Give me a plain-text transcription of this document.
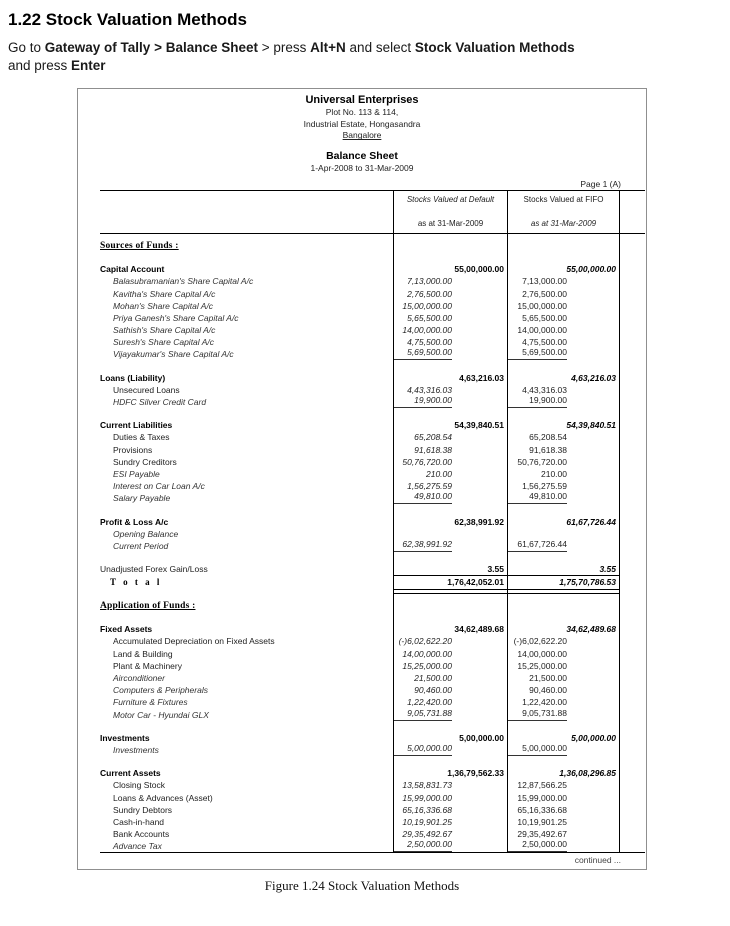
1.22 Stock Valuation Methods

Go to Gateway of Tally > Balance Sheet > press Alt+N and select Stock Valuation Methods
and press Enter

Universal Enterprises
Plot No. 113 & 114,
Industrial Estate, Hongasandra
Bangalore
Balance Sheet
1-Apr-2008 to 31-Mar-2009
Page 1 (A)
Stocks Valued at Default
as at 31-Mar-2009
Stocks Valued at FIFO
as at 31-Mar-2009
Sources of Funds :
Capital Account	55,00,000.00	55,00,000.00
Balasubramanian's Share Capital A/c	7,13,000.00	7,13,000.00
Kavitha's Share Capital A/c	2,76,500.00	2,76,500.00
Mohan's Share Capital A/c	15,00,000.00	15,00,000.00
Priya Ganesh's Share Capital A/c	5,65,500.00	5,65,500.00
Sathish's Share Capital A/c	14,00,000.00	14,00,000.00
Suresh's Share Capital A/c	4,75,500.00	4,75,500.00
Vijayakumar's Share Capital A/c	5,69,500.00	5,69,500.00
Loans (Liability)	4,63,216.03	4,63,216.03
Unsecured Loans	4,43,316.03	4,43,316.03
HDFC Silver Credit Card	19,900.00	19,900.00
Current Liabilities	54,39,840.51	54,39,840.51
Duties & Taxes	65,208.54	65,208.54
Provisions	91,618.38	91,618.38
Sundry Creditors	50,76,720.00	50,76,720.00
ESI Payable	210.00	210.00
Interest on Car Loan A/c	1,56,275.59	1,56,275.59
Salary Payable	49,810.00	49,810.00
Profit & Loss A/c	62,38,991.92	61,67,726.44
Opening Balance
Current Period	62,38,991.92	61,67,726.44
Unadjusted Forex Gain/Loss	3.55	3.55
T o t a l	1,76,42,052.01	1,75,70,786.53
Application of Funds :
Fixed Assets	34,62,489.68	34,62,489.68
Accumulated Depreciation on Fixed Assets	(-)6,02,622.20	(-)6,02,622.20
Land & Building	14,00,000.00	14,00,000.00
Plant & Machinery	15,25,000.00	15,25,000.00
Airconditioner	21,500.00	21,500.00
Computers & Peripherals	90,460.00	90,460.00
Furniture & Fixtures	1,22,420.00	1,22,420.00
Motor Car - Hyundai GLX	9,05,731.88	9,05,731.88
Investments	5,00,000.00	5,00,000.00
Investments	5,00,000.00	5,00,000.00
Current Assets	1,36,79,562.33	1,36,08,296.85
Closing Stock	13,58,831.73	12,87,566.25
Loans & Advances (Asset)	15,99,000.00	15,99,000.00
Sundry Debtors	65,16,336.68	65,16,336.68
Cash-in-hand	10,19,901.25	10,19,901.25
Bank Accounts	29,35,492.67	29,35,492.67
Advance Tax	2,50,000.00	2,50,000.00
continued ...
Figure 1.24 Stock Valuation Methods
